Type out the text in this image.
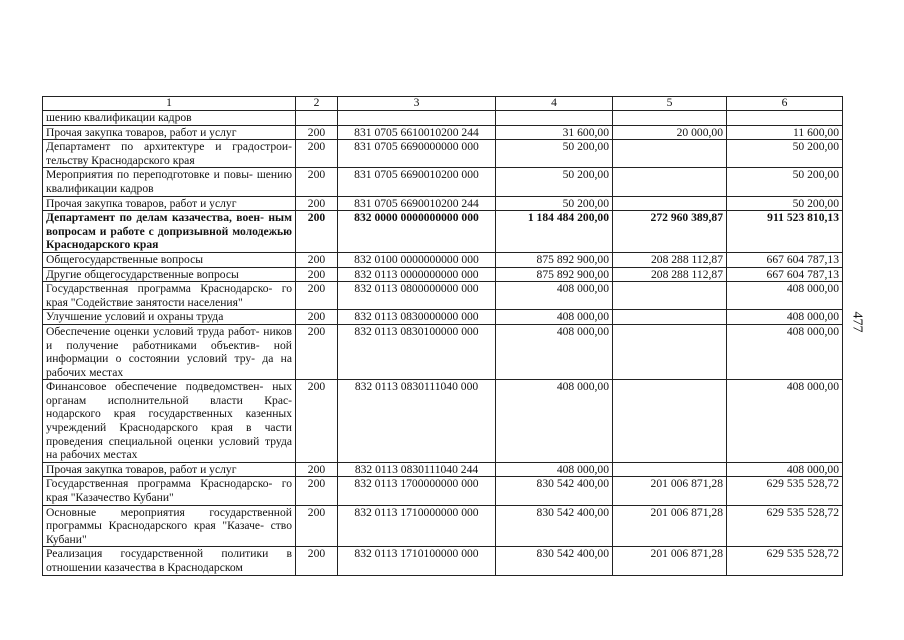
477
1	2	3	4	5	6
шению квалификации кадров					
Прочая закупка товаров, работ и услуг	200	831 0705 6610010200 244	31 600,00	20 000,00	11 600,00
Департамент по архитектуре и градострои- тельству Краснодарского края	200	831 0705 6690000000 000	50 200,00		50 200,00
Мероприятия по переподготовке и повы- шению квалификации кадров	200	831 0705 6690010200 000	50 200,00		50 200,00
Прочая закупка товаров, работ и услуг	200	831 0705 6690010200 244	50 200,00		50 200,00
Департамент по делам казачества, воен- ным вопросам и работе с допризывной молодежью Краснодарского края	200	832 0000 0000000000 000	1 184 484 200,00	272 960 389,87	911 523 810,13
Общегосударственные вопросы	200	832 0100 0000000000 000	875 892 900,00	208 288 112,87	667 604 787,13
Другие общегосударственные вопросы	200	832 0113 0000000000 000	875 892 900,00	208 288 112,87	667 604 787,13
Государственная программа Краснодарско- го края "Содействие занятости населения"	200	832 0113 0800000000 000	408 000,00		408 000,00
Улучшение условий и охраны труда	200	832 0113 0830000000 000	408 000,00		408 000,00
Обеспечение оценки условий труда работ- ников и получение работниками объектив- ной информации о состоянии условий тру- да на рабочих местах	200	832 0113 0830100000 000	408 000,00		408 000,00
Финансовое обеспечение подведомствен- ных органам исполнительной власти Крас- нодарского края государственных казенных учреждений Краснодарского края в части проведения специальной оценки условий труда на рабочих местах	200	832 0113 0830111040 000	408 000,00		408 000,00
Прочая закупка товаров, работ и услуг	200	832 0113 0830111040 244	408 000,00		408 000,00
Государственная программа Краснодарско- го края "Казачество Кубани"	200	832 0113 1700000000 000	830 542 400,00	201 006 871,28	629 535 528,72
Основные мероприятия государственной программы Краснодарского края "Казаче- ство Кубани"	200	832 0113 1710000000 000	830 542 400,00	201 006 871,28	629 535 528,72
Реализация государственной политики в отношении казачества в Краснодарском	200	832 0113 1710100000 000	830 542 400,00	201 006 871,28	629 535 528,72
